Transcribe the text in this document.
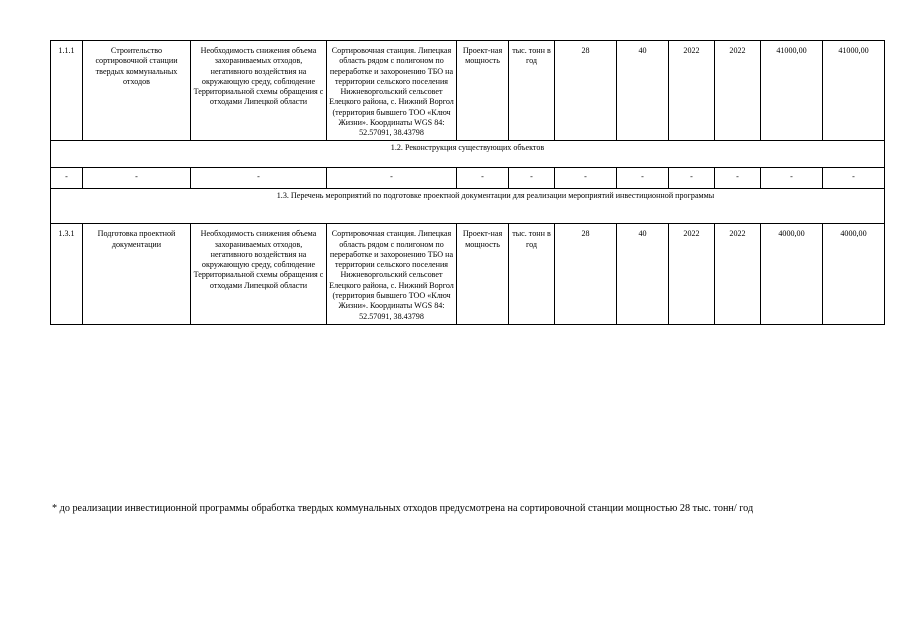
1.1.1	Строительство сортировочной станции твердых коммунальных отходов	Необходимость снижения объема захораниваемых отходов, негативного воздействия на окружающую среду, соблюдение Территориальной схемы обращения с отходами Липецкой области	Сортировочная станция. Липецкая область рядом с полигоном по переработке и захоронению ТБО на территории сельского поселения Нижневоргольский сельсовет Елецкого района, с. Нижний Воргол (территория бывшего ТОО «Ключ Жизни». Координаты WGS 84: 52.57091, 38.43798	Проект-ная мощность	тыс. тонн в год	28	40	2022	2022	41000,00	41000,00
1.2. Реконструкция существующих объектов											
-	-	-	-	-	-	-	-	-	-	-	-
1.3. Перечень мероприятий по подготовке проектной документации для реализации мероприятий инвестиционной программы											
1.3.1	Подготовка проектной документации	Необходимость снижения объема захораниваемых отходов, негативного воздействия на окружающую среду, соблюдение Территориальной схемы обращения с отходами Липецкой области	Сортировочная станция. Липецкая область рядом с полигоном по переработке и захоронению ТБО на территории сельского поселения Нижневоргольский сельсовет Елецкого района, с. Нижний Воргол (территория бывшего ТОО «Ключ Жизни». Координаты WGS 84: 52.57091, 38.43798	Проект-ная мощность	тыс. тонн в год	28	40	2022	2022	4000,00	4000,00
* до реализации инвестиционной программы обработка твердых коммунальных отходов предусмотрена на сортировочной станции мощностью 28 тыс. тонн/ год
